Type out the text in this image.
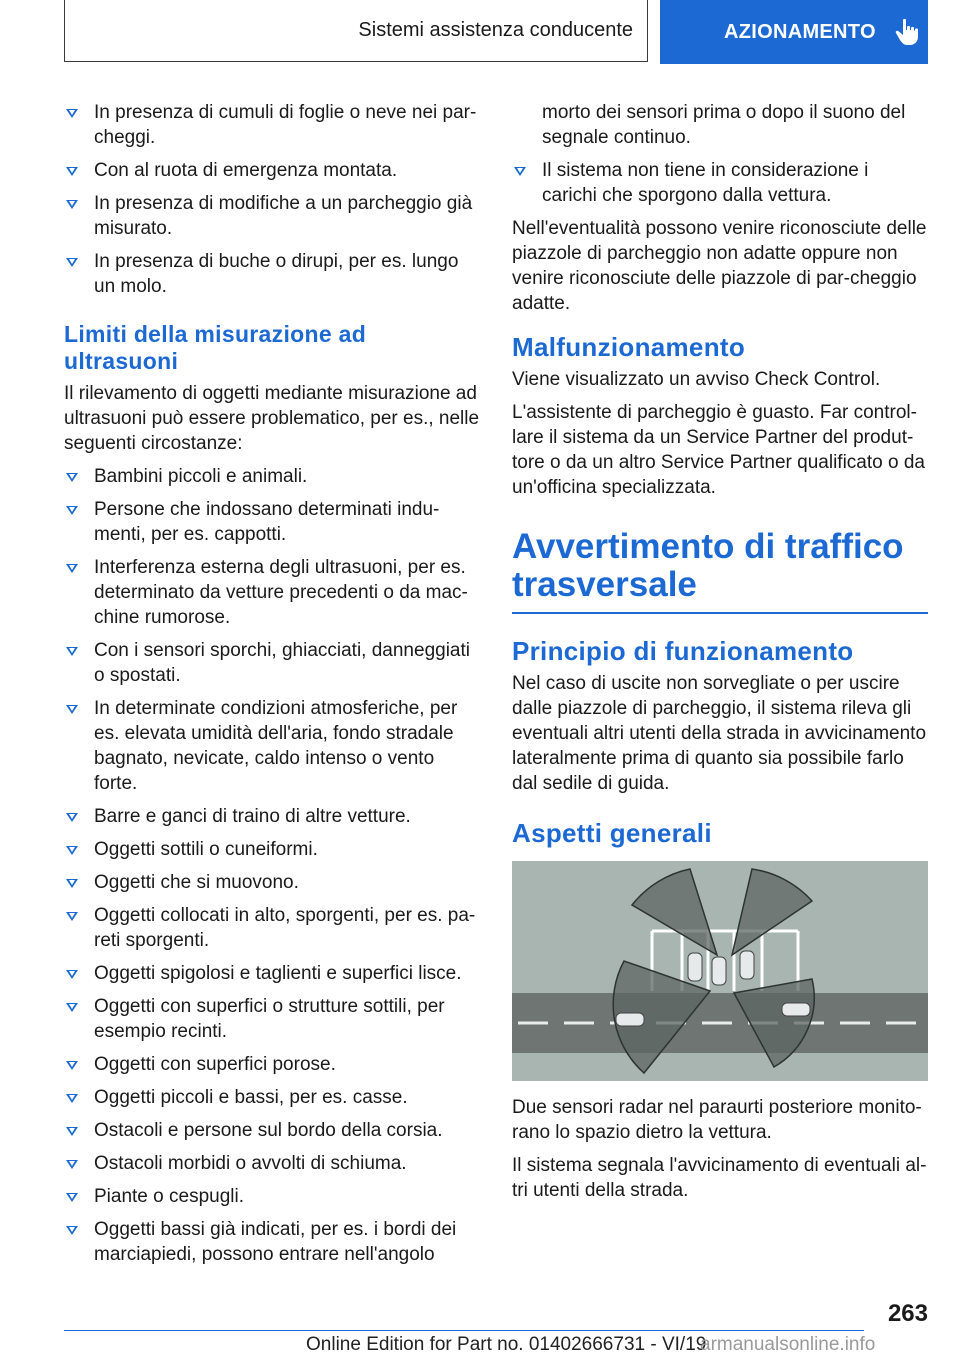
Sistemi assistenza conducente	AZIONAMENTO
In presenza di cumuli di foglie o neve nei par-cheggi.
Con al ruota di emergenza montata.
In presenza di modifiche a un parcheggio già misurato.
In presenza di buche o dirupi, per es. lungo un molo.
Limiti della misurazione ad ultrasuoni

Il rilevamento di oggetti mediante misurazione ad ultrasuoni può essere problematico, per es., nelle seguenti circostanze:

Bambini piccoli e animali.
Persone che indossano determinati indu-menti, per es. cappotti.
Interferenza esterna degli ultrasuoni, per es. determinato da vetture precedenti o da mac-chine rumorose.
Con i sensori sporchi, ghiacciati, danneggiati o spostati.
In determinate condizioni atmosferiche, per es. elevata umidità dell'aria, fondo stradale bagnato, nevicate, caldo intenso o vento forte.
Barre e ganci di traino di altre vetture.
Oggetti sottili o cuneiformi.
Oggetti che si muovono.
Oggetti collocati in alto, sporgenti, per es. pa-reti sporgenti.
Oggetti spigolosi e taglienti e superfici lisce.
Oggetti con superfici o strutture sottili, per esempio recinti.
Oggetti con superfici porose.
Oggetti piccoli e bassi, per es. casse.
Ostacoli e persone sul bordo della corsia.
Ostacoli morbidi o avvolti di schiuma.
Piante o cespugli.
Oggetti bassi già indicati, per es. i bordi dei marciapiedi, possono entrare nell'angolo

morto dei sensori prima o dopo il suono del segnale continuo.

Il sistema non tiene in considerazione i carichi che sporgono dalla vettura.

Nell'eventualità possono venire riconosciute delle piazzole di parcheggio non adatte oppure non venire riconosciute delle piazzole di par-cheggio adatte.

Malfunzionamento

Viene visualizzato un avviso Check Control.

L'assistente di parcheggio è guasto. Far control-lare il sistema da un Service Partner del produt-tore o da un altro Service Partner qualificato o da un'officina specializzata.

Avvertimento di traffico trasversale
Principio di funzionamento

Nel caso di uscite non sorvegliate o per uscire dalle piazzole di parcheggio, il sistema rileva gli eventuali altri utenti della strada in avvicinamento lateralmente prima di quanto sia possibile farlo dal sedile di guida.

Aspetti generali

Due sensori radar nel paraurti posteriore monito-rano lo spazio dietro la vettura.

Il sistema segnala l'avvicinamento di eventuali al-tri utenti della strada.

263
Online Edition for Part no. 01402666731 - VI/19
armanualsonline.info
